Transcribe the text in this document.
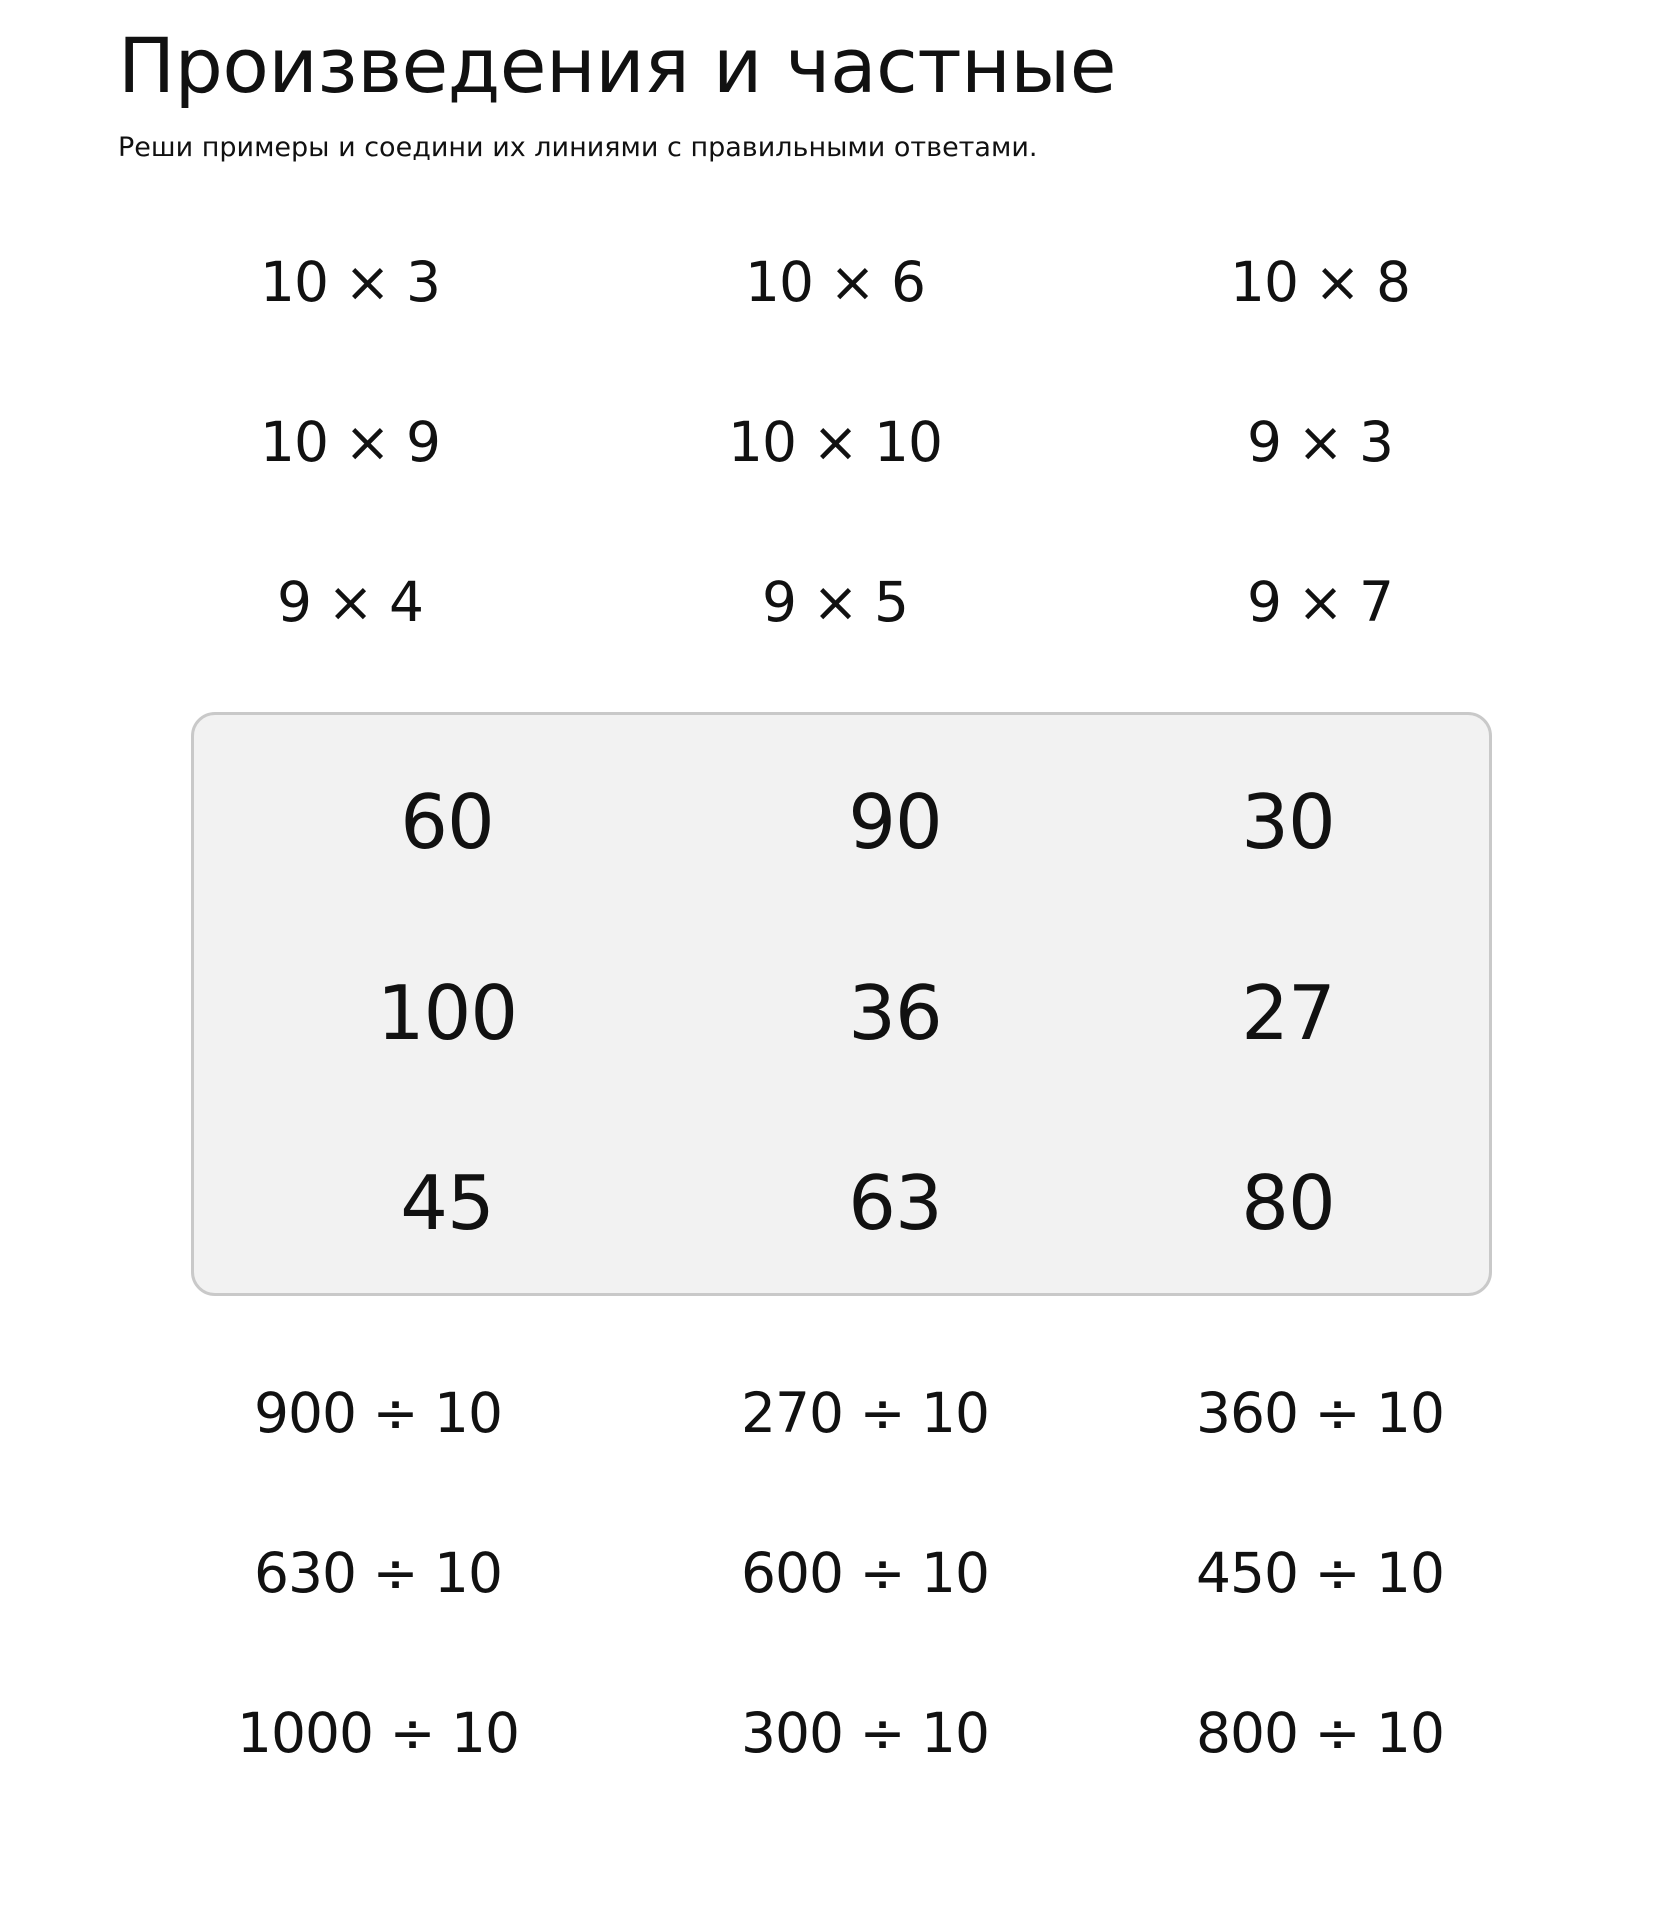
Произведения и частные

Реши примеры и соедини их линиями с правильными ответами.

10 × 3	10 × 6	10 × 8
10 × 9	10 × 10	9 × 3
9 × 4	9 × 5	9 × 7
60	90	30
100	36	27
45	63	80
900 ÷ 10	270 ÷ 10	360 ÷ 10
630 ÷ 10	600 ÷ 10	450 ÷ 10
1000 ÷ 10	300 ÷ 10	800 ÷ 10
